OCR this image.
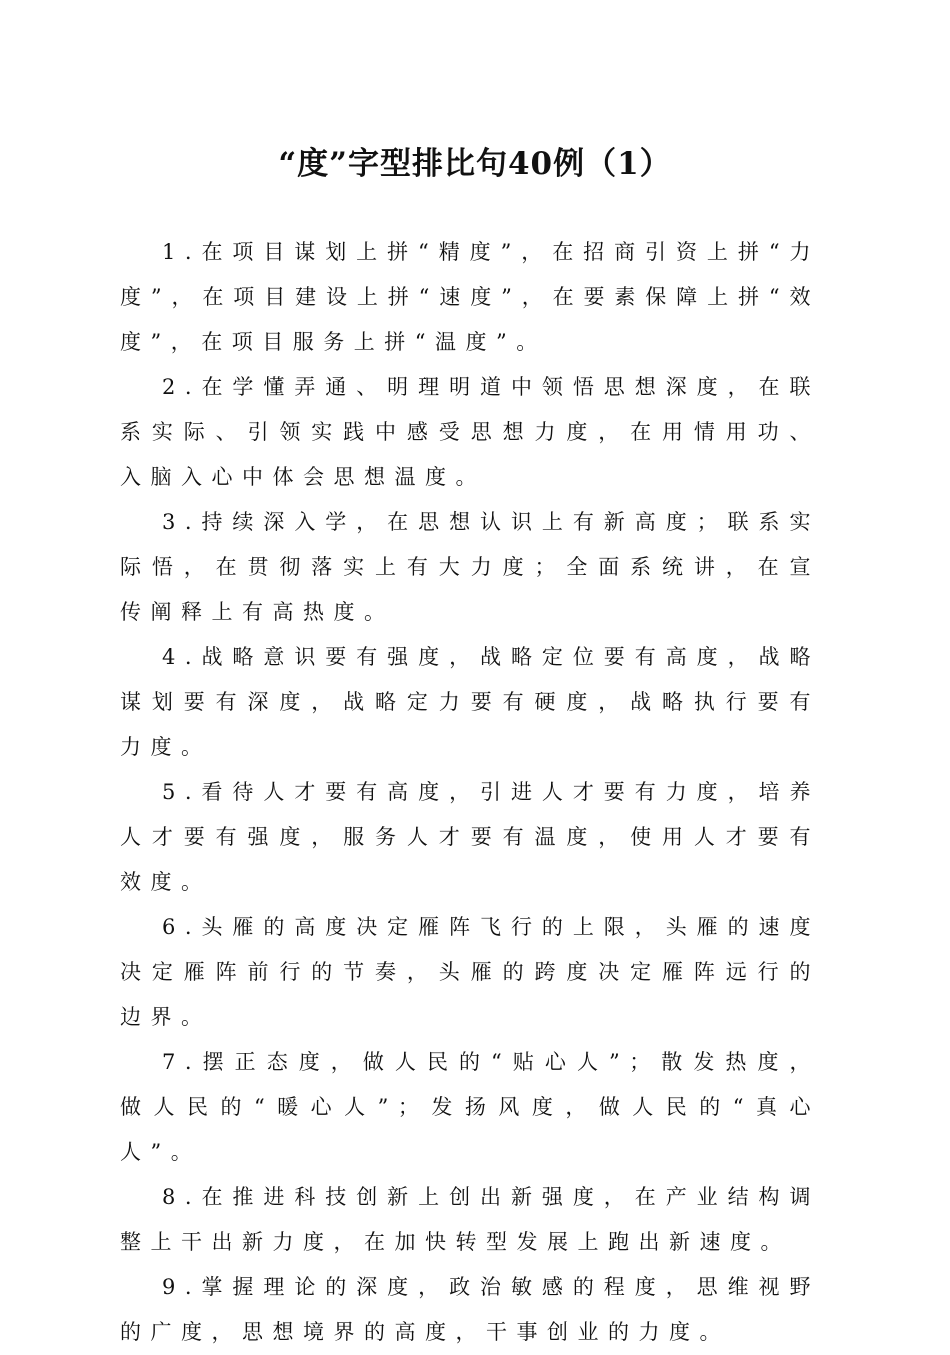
“度”字型排比句40例（1）

1.在项目谋划上拼“精度”，在招商引资上拼“力度”，在项目建设上拼“速度”，在要素保障上拼“效度”，在项目服务上拼“温度”。

2.在学懂弄通、明理明道中领悟思想深度，在联系实际、引领实践中感受思想力度，在用情用功、入脑入心中体会思想温度。

3.持续深入学，在思想认识上有新高度；联系实际悟，在贯彻落实上有大力度；全面系统讲，在宣传阐释上有高热度。

4.战略意识要有强度，战略定位要有高度，战略谋划要有深度，战略定力要有硬度，战略执行要有力度。

5.看待人才要有高度，引进人才要有力度，培养人才要有强度，服务人才要有温度，使用人才要有效度。

6.头雁的高度决定雁阵飞行的上限，头雁的速度决定雁阵前行的节奏，头雁的跨度决定雁阵远行的边界。

7.摆正态度，做人民的“贴心人”；散发热度，做人民的“暖心人”；发扬风度，做人民的“真心人”。

8.在推进科技创新上创出新强度，在产业结构调整上干出新力度，在加快转型发展上跑出新速度。

9.掌握理论的深度，政治敏感的程度，思维视野的广度，思想境界的高度，干事创业的力度。
